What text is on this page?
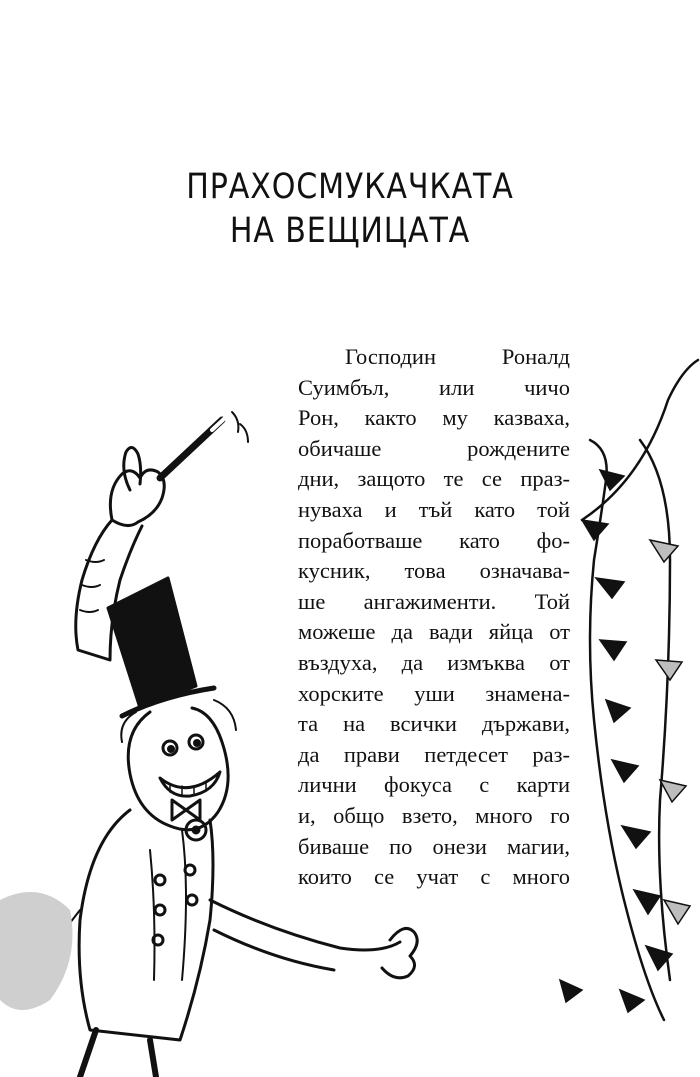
ПРАХОСМУКАЧКАТА
НА ВЕЩИЦАТА
Господин Роналд
Суимбъл, или чичо
Рон, както му казваха,
обичаше рождените
дни, защото те се праз-
нуваха и тъй като той
поработваше като фо-
кусник, това означава-
ше ангажименти. Той
можеше да вади яйца от
въздуха, да измъква от
хорските уши знамена-
та на всички държави,
да прави петдесет раз-
лични фокуса с карти
и, общо взето, много го
биваше по онези магии,
които се учат с много
